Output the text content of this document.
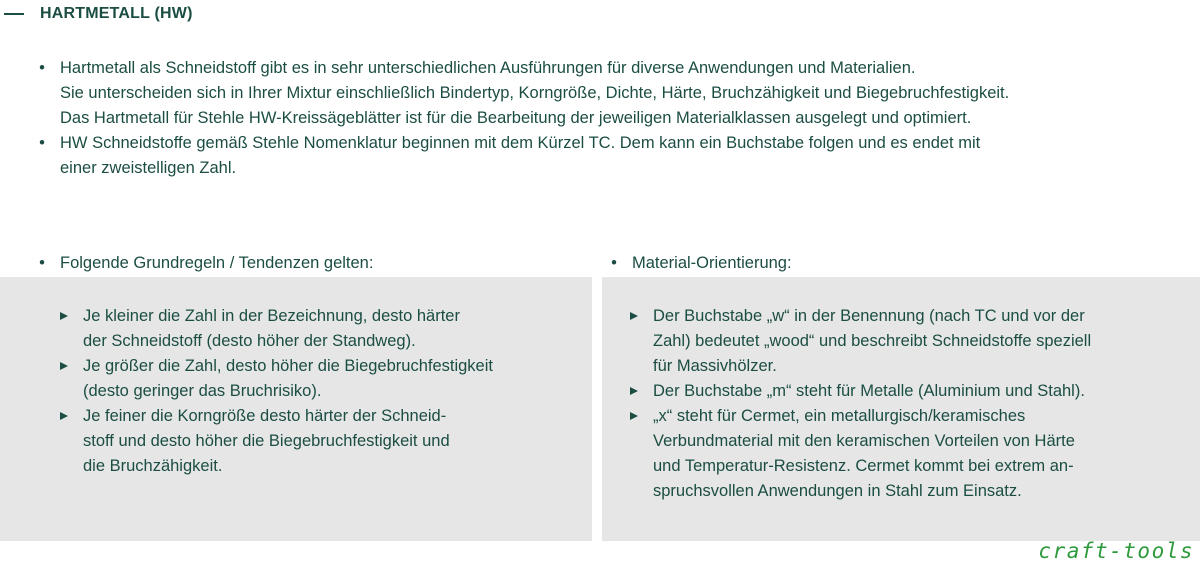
HARTMETALL (HW)
• Hartmetall als Schneidstoff gibt es in sehr unterschiedlichen Ausführungen für diverse Anwendungen und Materialien.
Sie unterscheiden sich in Ihrer Mixtur einschließlich Bindertyp, Korngröße, Dichte, Härte, Bruchzähigkeit und Biegebruchfestigkeit.
Das Hartmetall für Stehle HW-Kreissägeblätter ist für die Bearbeitung der jeweiligen Materialklassen ausgelegt und optimiert.
• HW Schneidstoffe gemäß Stehle Nomenklatur beginnen mit dem Kürzel TC. Dem kann ein Buchstabe folgen und es endet mit
einer zweistelligen Zahl.
• Folgende Grundregeln / Tendenzen gelten:	• Material-Orientierung:
Je kleiner die Zahl in der Bezeichnung, desto härter
der Schneidstoff (desto höher der Standweg).
Je größer die Zahl, desto höher die Biegebruchfestigkeit
(desto geringer das Bruchrisiko).
Je feiner die Korngröße desto härter der Schneid-
stoff und desto höher die Biegebruchfestigkeit und
die Bruchzähigkeit.
Der Buchstabe „w“ in der Benennung (nach TC und vor der
Zahl) bedeutet „wood“ und beschreibt Schneidstoffe speziell
für Massivhölzer.
Der Buchstabe „m“ steht für Metalle (Aluminium und Stahl).
„x“ steht für Cermet, ein metallurgisch/keramisches
Verbundmaterial mit den keramischen Vorteilen von Härte
und Temperatur-Resistenz. Cermet kommt bei extrem an-
spruchsvollen Anwendungen in Stahl zum Einsatz.
craft-tools
